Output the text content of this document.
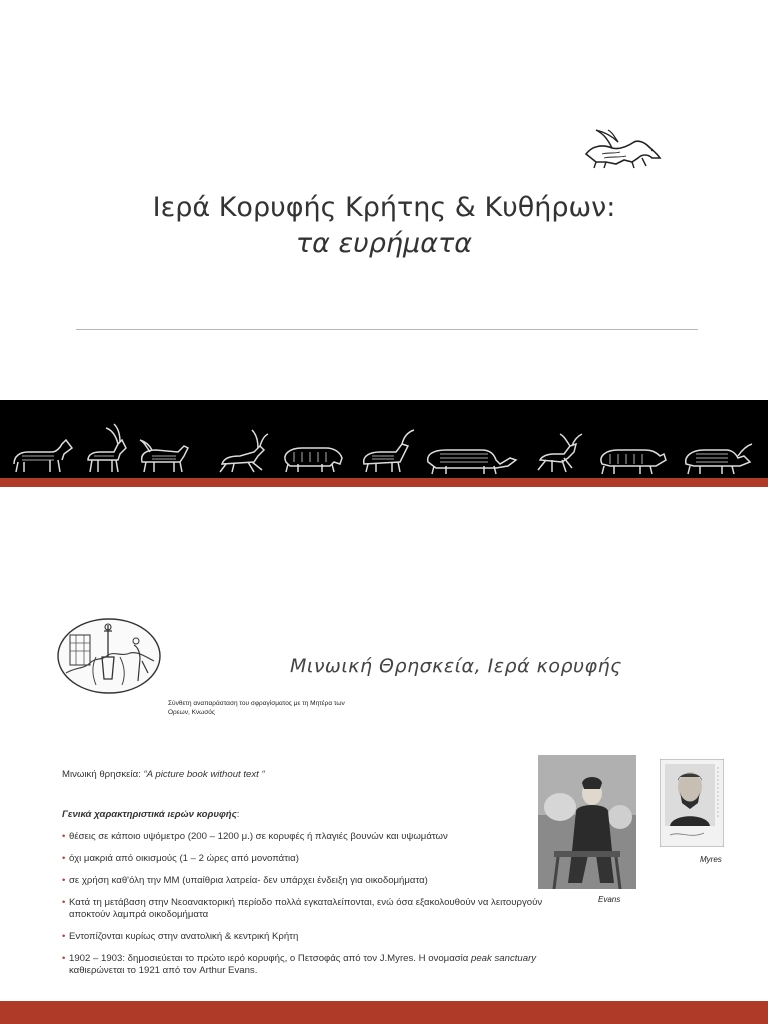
Ιερά Κορυφής Κρήτης & Κυθήρων:
τα ευρήματα
Σύνθετη αναπαράσταση του σφραγίσματος με τη Μητέρα των Ορεων, Κνωσός
Μινωική Θρησκεία, Ιερά κορυφής

Μινωική θρησκεία: “A picture book without text “

Γενικά χαρακτηριστικά ιερών κορυφής:

• θέσεις σε κάποιο υψόμετρο (200 – 1200 μ.) σε κορυφές ή πλαγιές βουνών και υψωμάτων
• όχι μακριά από οικισμούς (1 – 2 ώρες από μονοπάτια)
• σε χρήση καθ'όλη την ΜΜ (υπαίθρια λατρεία- δεν υπάρχει ένδειξη για οικοδομήματα)
• Κατά τη μετάβαση στην Νεοανακτορική περίοδο πολλά εγκαταλείπονται, ενώ όσα εξακολουθούν να λειτουργούν αποκτούν λαμπρά οικοδομήματα
• Εντοπίζονται κυρίως στην ανατολική & κεντρική Κρήτη
• 1902 – 1903: δημοσιεύεται το πρώτο ιερό κορυφής, ο Πετσοφάς από τον J.Myres. Η ονομασία peak sanctuary καθιερώνεται το 1921 από τον Arthur Evans.
Evans
Myres
